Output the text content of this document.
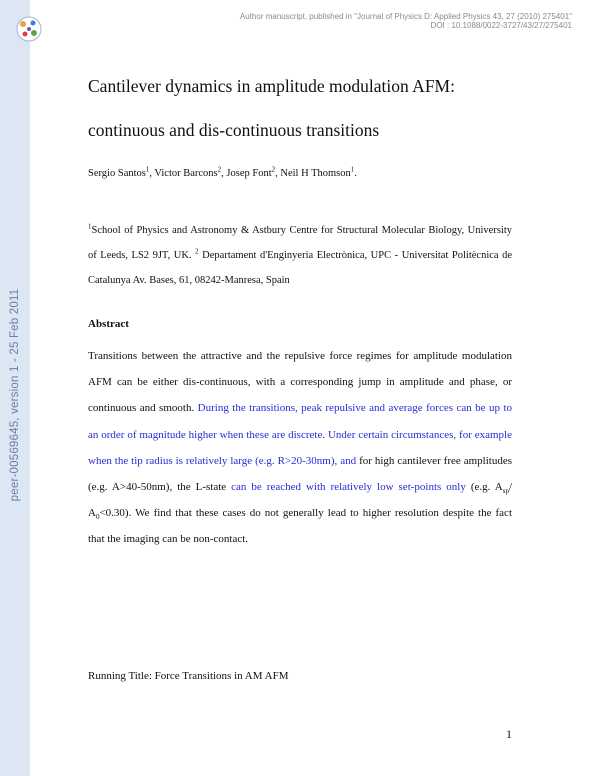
peer-00569645, version 1 - 25 Feb 2011
Author manuscript, published in "Journal of Physics D: Applied Physics 43, 27 (2010) 275401"
DOI : 10.1088/0022-3727/43/27/275401
Cantilever dynamics in amplitude modulation AFM: continuous and dis-continuous transitions
Sergio Santos$^1$, Victor Barcons$^2$, Josep Font$^2$, Neil H Thomson$^1$.
$^1$School of Physics and Astronomy & Astbury Centre for Structural Molecular Biology, University of Leeds, LS2 9JT, UK. $^2$ Departament d'Enginyeria Electrònica, UPC - Universitat Politècnica de Catalunya Av. Bases, 61, 08242-Manresa, Spain
Abstract
Transitions between the attractive and the repulsive force regimes for amplitude modulation AFM can be either dis-continuous, with a corresponding jump in amplitude and phase, or continuous and smooth. During the transitions, peak repulsive and average forces can be up to an order of magnitude higher when these are discrete. Under certain circumstances, for example when the tip radius is relatively large (e.g. R>20-30nm), and for high cantilever free amplitudes (e.g. A>40-50nm), the L-state can be reached with relatively low set-points only (e.g. $A_{sp}/$ $A_0<0.30$). We find that these cases do not generally lead to higher resolution despite the fact that the imaging can be non-contact.
Running Title: Force Transitions in AM AFM
1
